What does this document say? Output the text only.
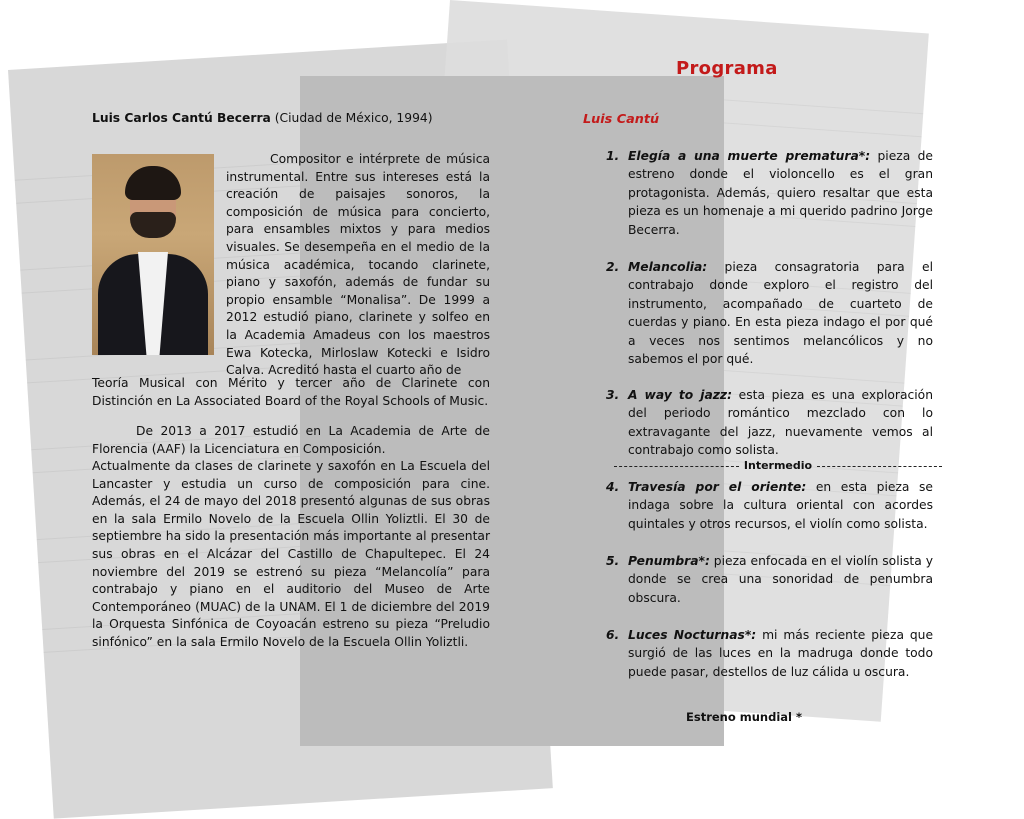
Luis Carlos Cantú Becerra (Ciudad de México, 1994)
Compositor e intérprete de música instrumental. Entre sus intereses está la creación de paisajes sonoros, la composición de música para concierto, para ensambles mixtos y para medios visuales. Se desempeña en el medio de la música académica, tocando clarinete, piano y saxofón, además de fundar su propio ensamble “Monalisa”. De 1999 a 2012 estudió piano, clarinete y solfeo en la Academia Amadeus con los maestros Ewa Kotecka, Mirloslaw Kotecki e Isidro Calva. Acreditó hasta el cuarto año de
Teoría Musical con Mérito y tercer año de Clarinete con Distinción en La Associated Board of the Royal Schools of Music.
De 2013 a 2017 estudió en La Academia de Arte de Florencia (AAF) la Licenciatura en Composición.
Actualmente da clases de clarinete y saxofón en La Escuela del Lancaster y estudia un curso de composición para cine. Además, el 24 de mayo del 2018 presentó algunas de sus obras en la sala Ermilo Novelo de la Escuela Ollin Yoliztli. El 30 de septiembre ha sido la presentación más importante al presentar sus obras en el Alcázar del Castillo de Chapultepec. El 24 noviembre del 2019 se estrenó su pieza “Melancolía” para contrabajo y piano en el auditorio del Museo de Arte Contemporáneo (MUAC) de la UNAM. El 1 de diciembre del 2019 la Orquesta Sinfónica de Coyoacán estreno su pieza “Preludio sinfónico” en la sala Ermilo Novelo de la Escuela Ollin Yoliztli.
Programa
Luis Cantú
1. Elegía a una muerte prematura*: pieza de estreno donde el violoncello es el gran protagonista. Además, quiero resaltar que esta pieza es un homenaje a mi querido padrino Jorge Becerra.
2. Melancolia: pieza consagratoria para el contrabajo donde exploro el registro del instrumento, acompañado de cuarteto de cuerdas y piano. En esta pieza indago el por qué a veces nos sentimos melancólicos y no sabemos el por qué.
3. A way to jazz: esta pieza es una exploración del periodo romántico mezclado con lo extravagante del jazz, nuevamente vemos al contrabajo como solista.
Intermedio
4. Travesía por el oriente: en esta pieza se indaga sobre la cultura oriental con acordes quintales y otros recursos, el violín como solista.
5. Penumbra*: pieza enfocada en el violín solista y donde se crea una sonoridad de penumbra obscura.
6. Luces Nocturnas*: mi más reciente pieza que surgió de las luces en la madruga donde todo puede pasar, destellos de luz cálida u oscura.
Estreno mundial *
